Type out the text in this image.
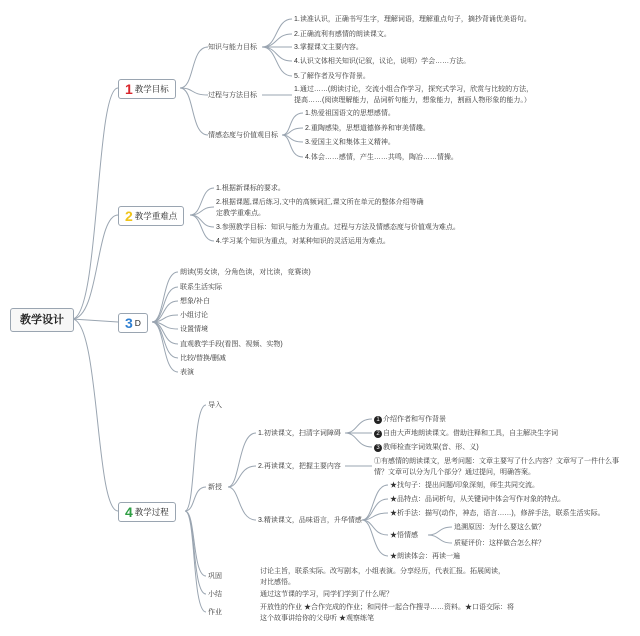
教学设计
1 教学目标
知识与能力目标
1.读准认识，正确书写生字，理解词语，理解重点句子，摘抄背诵优美语句。
2.正确流利有感情的朗读课文。
3.掌握课文主要内容。
4.认识文体相关知识(记叙，议论，说明）学会……方法。
5.了解作者及写作背景。
过程与方法目标
1.通过……(朗读讨论，交流小组合作学习，探究式学习，欣赏与比较的方法，提高……(阅读理解能力，品词析句能力，想象能力，割画人物形象的能力。）
情感态度与价值观目标
1.热爱祖国语文的思想感情。
2.重陶感染，思想道德修养和审美情趣。
3.爱国主义和集体主义精神。
4.体会……感情，产生……共鸣，陶冶……情操。
2 教学重难点
1.根据新课标的要求。
2.根据课题,课后练习,文中的高频词汇,课文所在单元的整体介绍等确定教学重难点。
3.参照教学目标：知识与能力为重点。过程与方法及情感态度与价值观为难点。
4.学习某个知识为重点，对某种知识的灵活运用为难点。
3 D
朗读(男女读，分角色读，对比读，竞赛读)
联系生活实际
想象/补白
小组讨论
设置情境
直观教学手段(看图、视频、实物)
比较/替换/删减
表演
4 教学过程
导入
新授
1.初读课文，扫清字词障碍
1 介绍作者和写作背景
2 自由大声地朗读课文。借助注释和工具，自主解决生字词
3 教师检查字词效果(音、形、义)
2.再读课文，把握主要内容
①有感情的朗读课文，思考问题：文章主要写了什么内容？文章写了一件什么事情？文章可以分为几个部分？通过提问，明确答案。
3.精读课文，品味语言，升华情感
★找句子：提出问题/印象深刻，师生共同交流。
★品特点：品词析句，从关键词中体会写作对象的特点。
★析手法：描写(动作，神态，语言……)，修辞手法，联系生活实际。
★悟情感
追溯原因：为什么要这么做？
质疑评价：这样做合怎么样？
★朗读体会：再读一遍
巩固
讨论主旨，联系实际。改写剧本，小组表演。分享经历，代表汇报。拓展阅读，对比感悟。
小结	通过这节课的学习，同学们学到了什么呢？
作业
开放性的作业 ★合作完成的作业；和同伴一起合作搜寻……资料。★口语交际：将这个故事讲给你的父母听 ★观察练笔
